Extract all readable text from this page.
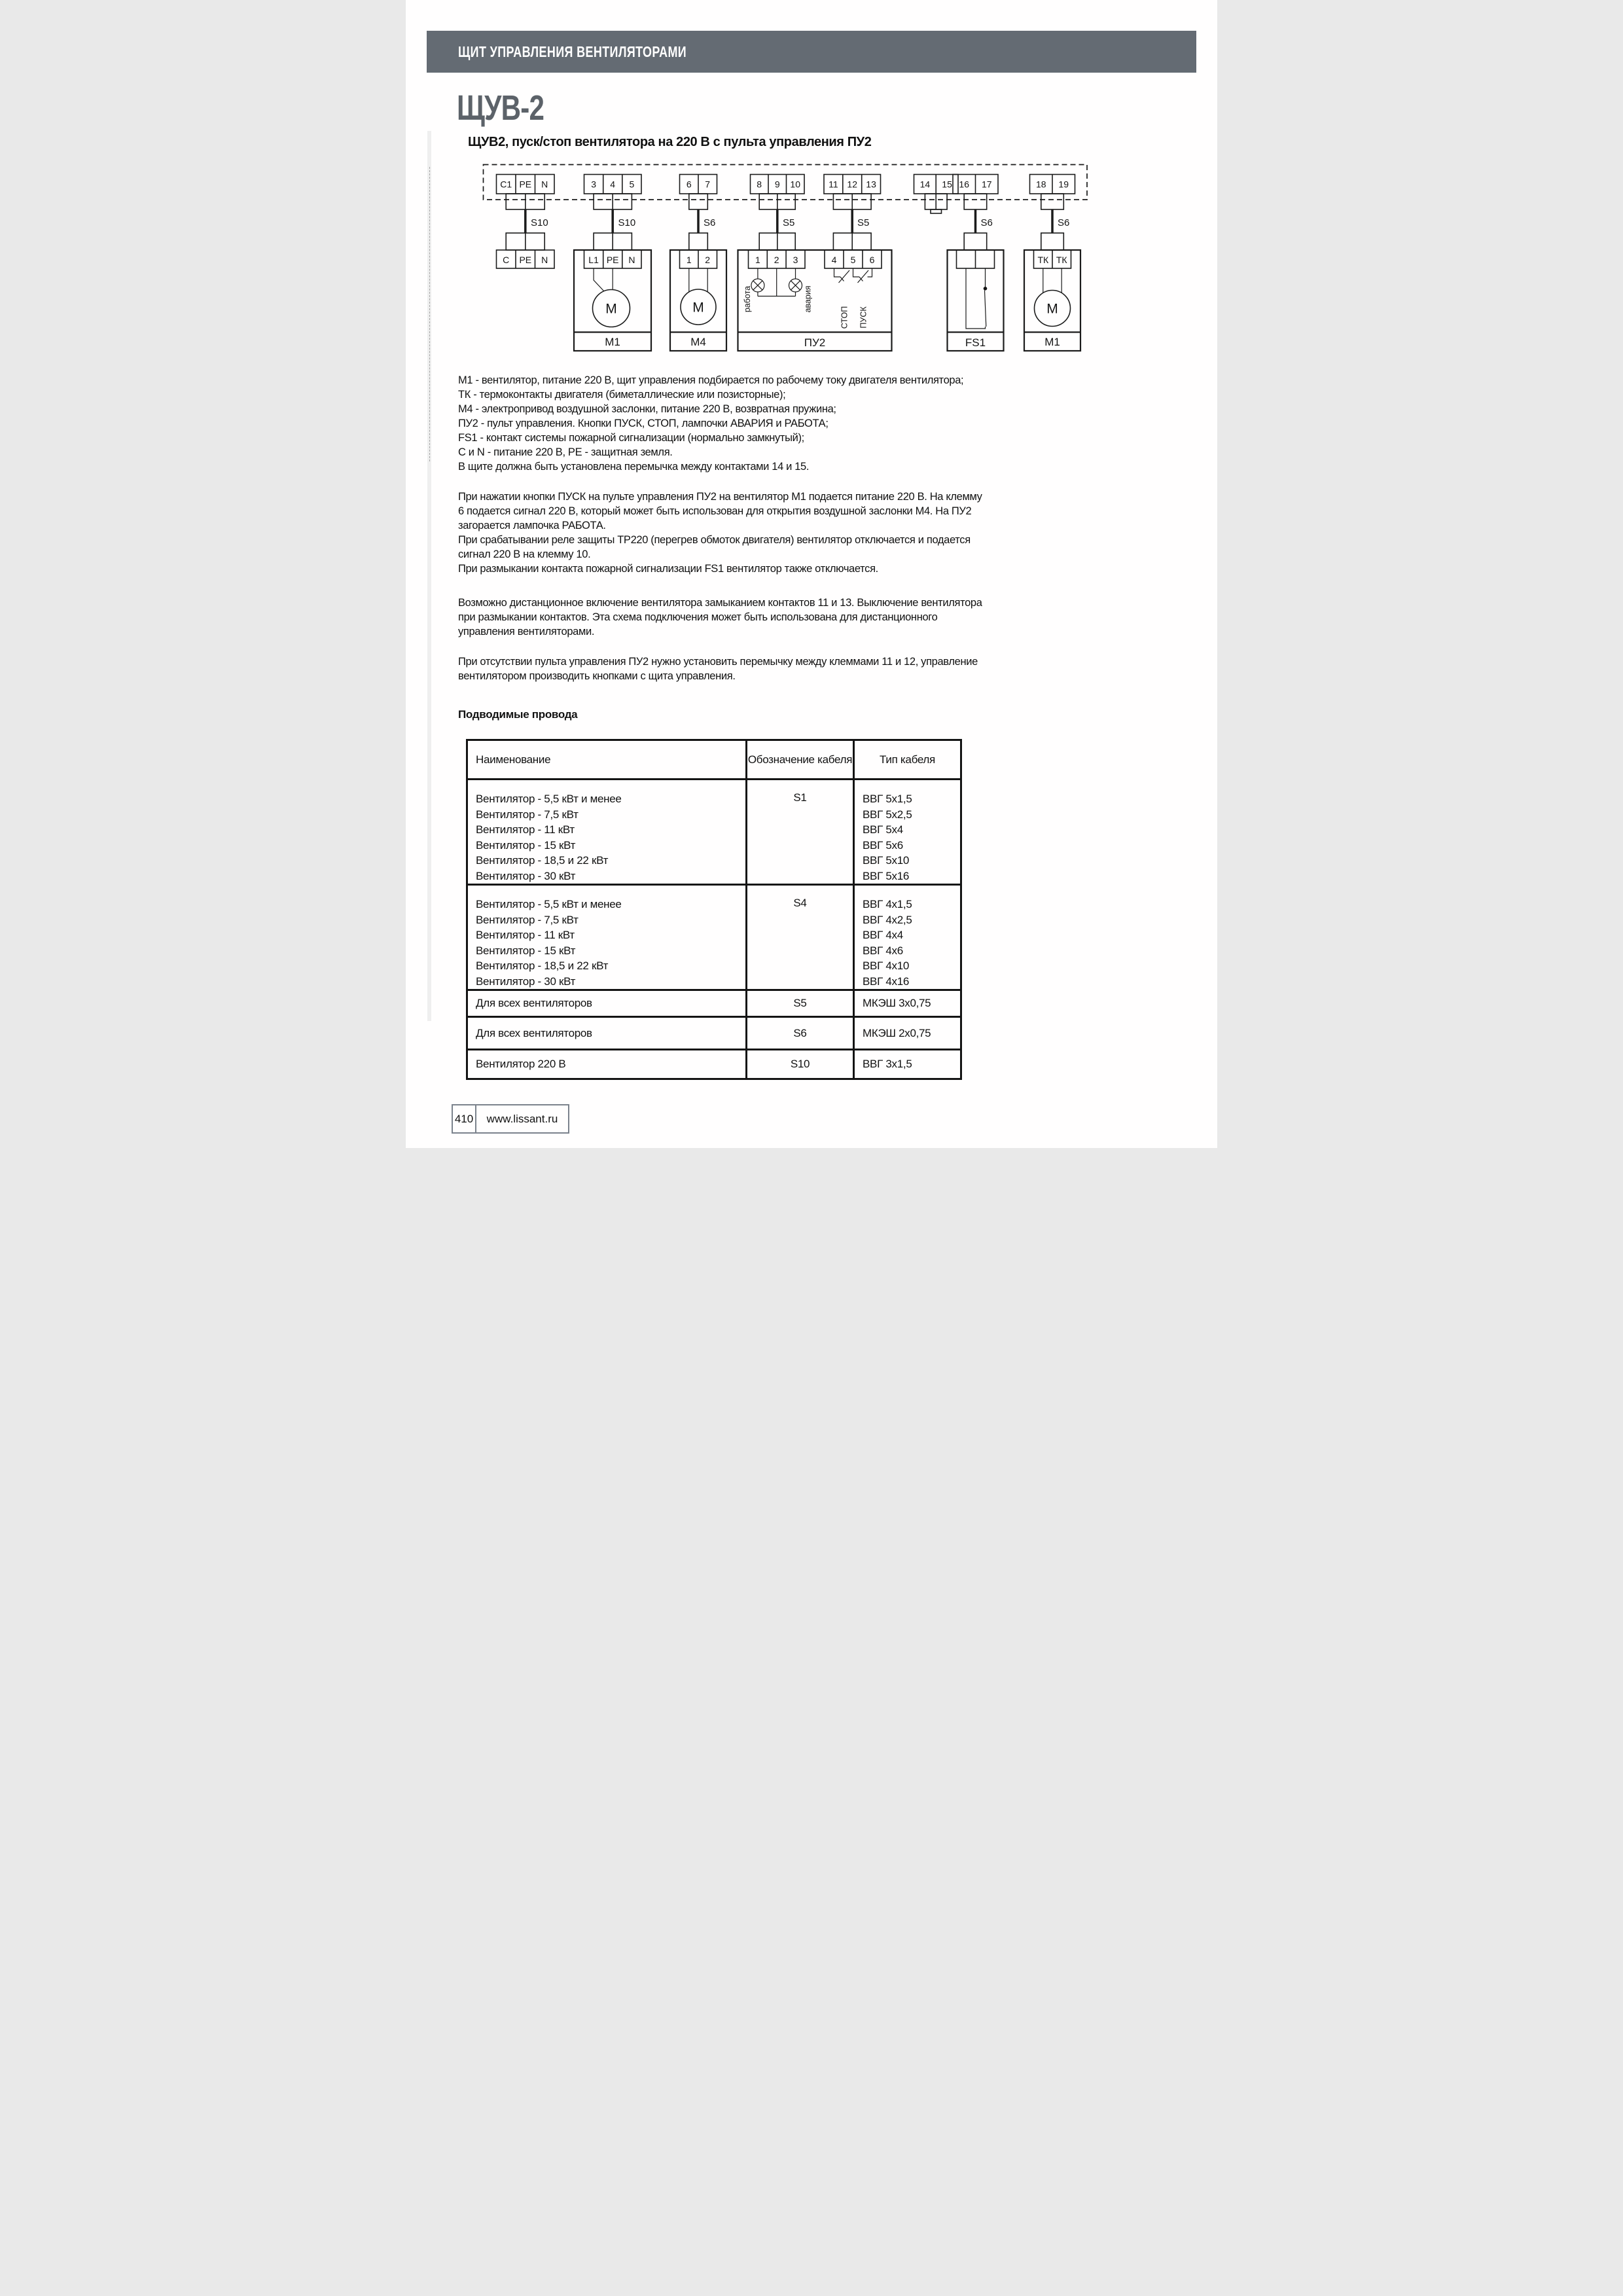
ЩИТ УПРАВЛЕНИЯ ВЕНТИЛЯТОРАМИ
ЩУВ-2
ЩУВ2, пуск/стоп вентилятора на 220 В с пульта управления ПУ2
C1 PE N
S10
C PE N
3 4 5
S10
L1 PE N
M
М1
6 7
S6
1 2
M
М4
8 9 10
S5
11 12 13
S5
1 2 3	4 5 6
работа	авария
СТОП ПУСК
ПУ2
14 15 16 17
S6
FS1
18 19
S6
ТК ТК
M
М1
М1 - вентилятор, питание 220 В, щит управления подбирается по рабочему току двигателя вентилятора;
ТК - термоконтакты двигателя (биметаллические или позисторные);
М4 - электропривод воздушной заслонки, питание 220 В, возвратная пружина;
ПУ2 - пульт управления. Кнопки ПУСК, СТОП, лампочки АВАРИЯ и РАБОТА;
FS1 - контакт системы пожарной сигнализации (нормально замкнутый);
С и N - питание 220 В, PE - защитная земля.
В щите должна быть установлена перемычка между контактами 14 и 15.
При нажатии кнопки ПУСК на пульте управления ПУ2 на вентилятор М1 подается питание 220 В. На клемму
6 подается сигнал 220 В, который может быть использован для открытия воздушной заслонки М4. На ПУ2
загорается лампочка РАБОТА.
При срабатывании реле защиты ТР220 (перегрев обмоток двигателя) вентилятор отключается и подается
сигнал 220 В на клемму 10.
При размыкании контакта пожарной сигнализации FS1 вентилятор также отключается.
Возможно дистанционное включение вентилятора замыканием контактов 11 и 13. Выключение вентилятора
при размыкании контактов. Эта схема подключения может быть использована для дистанционного
управления вентиляторами.
При отсутствии пульта управления ПУ2 нужно установить перемычку между клеммами 11 и 12, управление
вентилятором производить кнопками с щита управления.
Подводимые провода
Наименование	Обозначение кабеля	Тип кабеля

Вентилятор - 5,5 кВт и менее
Вентилятор - 7,5 кВт
Вентилятор - 11 кВт
Вентилятор - 15 кВт
Вентилятор - 18,5 и 22 кВт
Вентилятор - 30 кВт
	S1	ВВГ 5х1,5
ВВГ 5х2,5
ВВГ 5х4
ВВГ 5х6
ВВГ 5х10
ВВГ 5х16

Вентилятор - 5,5 кВт и менее
Вентилятор - 7,5 кВт
Вентилятор - 11 кВт
Вентилятор - 15 кВт
Вентилятор - 18,5 и 22 кВт
Вентилятор - 30 кВт
	S4	ВВГ 4х1,5
ВВГ 4х2,5
ВВГ 4х4
ВВГ 4х6
ВВГ 4х10
ВВГ 4х16

Для всех вентиляторов	S5	МКЭШ 3х0,75
Для всех вентиляторов	S6	МКЭШ 2х0,75
Вентилятор 220 В	S10	ВВГ 3х1,5
410	www.lissant.ru
